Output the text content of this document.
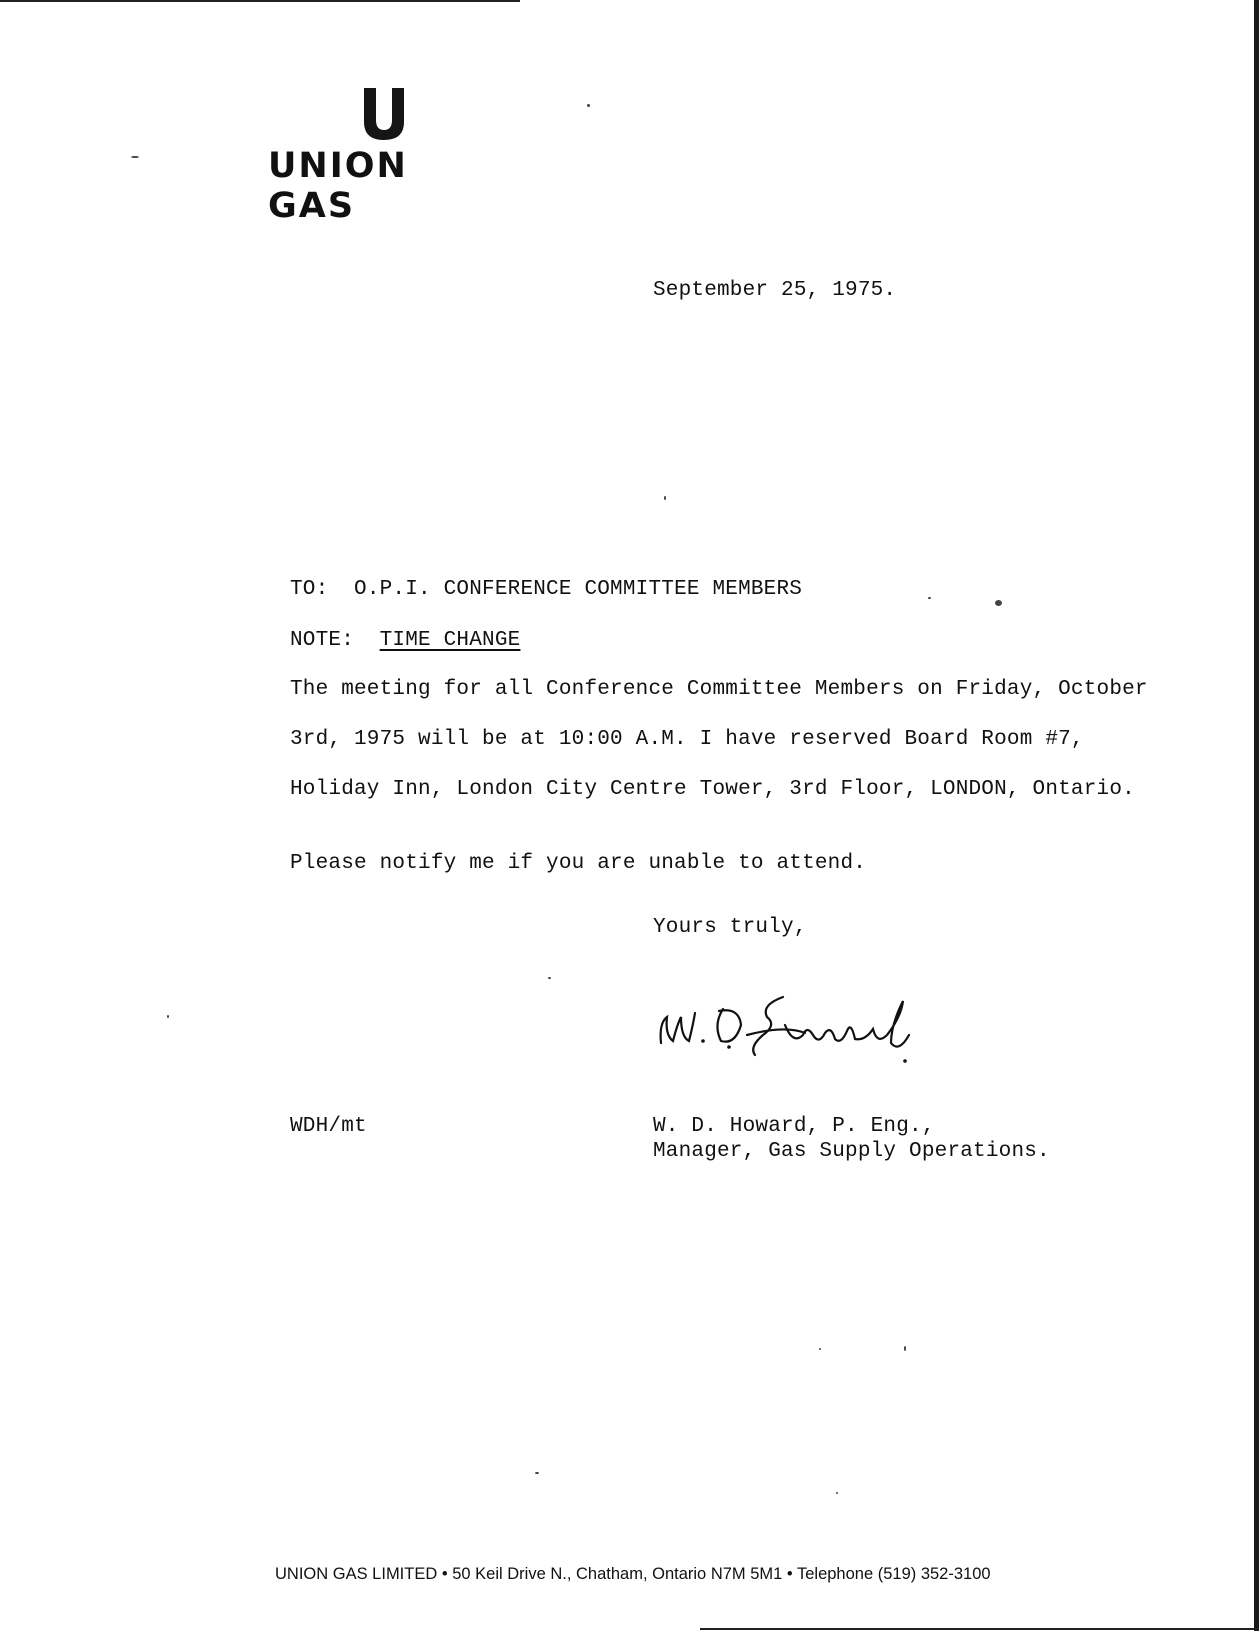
UNION GAS
September 25, 1975.
TO: O.P.I. CONFERENCE COMMITTEE MEMBERS
NOTE: TIME CHANGE
The meeting for all Conference Committee Members on Friday, October
3rd, 1975 will be at 10:00 A.M. I have reserved Board Room #7,
Holiday Inn, London City Centre Tower, 3rd Floor, LONDON, Ontario.
Please notify me if you are unable to attend.
Yours truly,
WDH/mt	W. D. Howard, P. Eng.,
Manager, Gas Supply Operations.
UNION GAS LIMITED • 50 Keil Drive N., Chatham, Ontario N7M 5M1 • Telephone (519) 352-3100
